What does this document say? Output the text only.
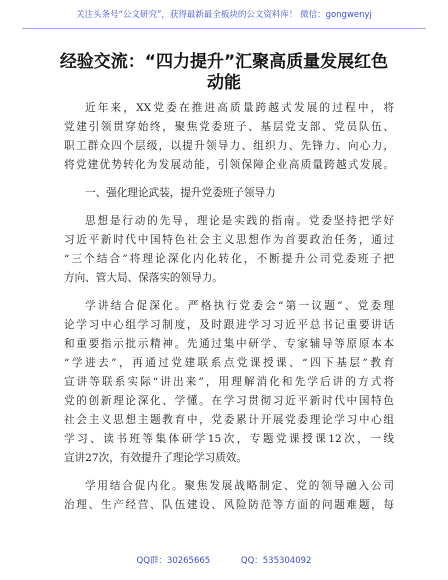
关注头条号“公文研究”，获得最新最全板块的公文资料库！ 微信：gongwenyj
经验交流：“四力提升”汇聚高质量发展红色
动能
近年来，XX党委在推进高质量跨越式发展的过程中，将
党建引领贯穿始终，聚焦党委班子、基层党支部、党员队伍、
职工群众四个层级，以提升领导力、组织力、先锋力、向心力，
将党建优势转化为发展动能，引领保障企业高质量跨越式发展。
一、强化理论武装，提升党委班子领导力
思想是行动的先导，理论是实践的指南。党委坚持把学好
习近平新时代中国特色社会主义思想作为首要政治任务，通过
“三个结合”将理论深化内化转化，不断提升公司党委班子把
方向、管大局、保落实的领导力。
学讲结合促深化。严格执行党委会“第一议题”、党委理
论学习中心组学习制度，及时跟进学习习近平总书记重要讲话
和重要指示批示精神。先通过集中研学、专家辅导等原原本本
“学进去”，再通过党建联系点党课授课、“四下基层”教育
宣讲等联系实际“讲出来”，用理解消化和先学后讲的方式将
党的创新理论深化、学懂。在学习贯彻习近平新时代中国特色
社会主义思想主题教育中，党委累计开展党委理论学习中心组
学习、读书班等集体研学15次，专题党课授课12次，一线
宣讲27次，有效提升了理论学习质效。
学用结合促内化。聚焦发展战略制定、党的领导融入公司
治理、生产经营、队伍建设、风险防范等方面的问题难题，每
QQ群：30265665	QQ：535304092
